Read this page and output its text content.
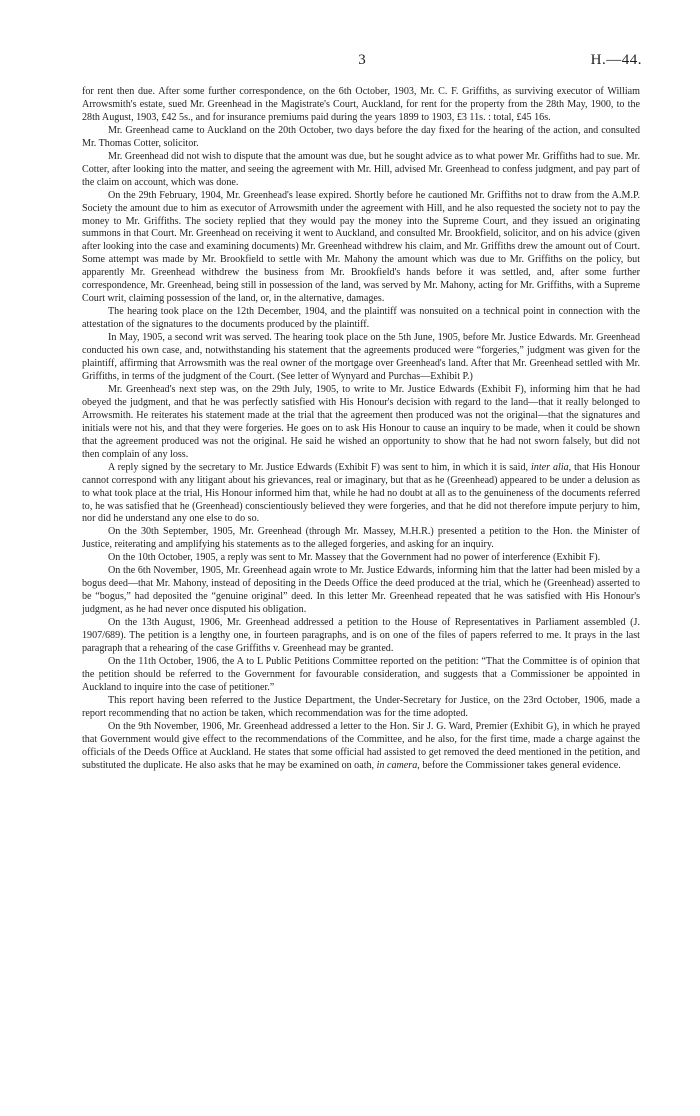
3	H.—44.

for rent then due. After some further correspondence, on the 6th October, 1903, Mr. C. F. Griffiths, as surviving executor of William Arrowsmith's estate, sued Mr. Greenhead in the Magistrate's Court, Auckland, for rent for the property from the 28th May, 1900, to the 28th August, 1903, £42 5s., and for insurance premiums paid during the years 1899 to 1903, £3 11s. : total, £45 16s.

Mr. Greenhead came to Auckland on the 20th October, two days before the day fixed for the hearing of the action, and consulted Mr. Thomas Cotter, solicitor.

Mr. Greenhead did not wish to dispute that the amount was due, but he sought advice as to what power Mr. Griffiths had to sue. Mr. Cotter, after looking into the matter, and seeing the agreement with Mr. Hill, advised Mr. Greenhead to confess judgment, and pay part of the claim on account, which was done.

On the 29th February, 1904, Mr. Greenhead's lease expired. Shortly before he cautioned Mr. Griffiths not to draw from the A.M.P. Society the amount due to him as executor of Arrowsmith under the agreement with Hill, and he also requested the society not to pay the money to Mr. Griffiths. The society replied that they would pay the money into the Supreme Court, and they issued an originating summons in that Court. Mr. Greenhead on receiving it went to Auckland, and consulted Mr. Brookfield, solicitor, and on his advice (given after looking into the case and examining documents) Mr. Greenhead withdrew his claim, and Mr. Griffiths drew the amount out of Court. Some attempt was made by Mr. Brookfield to settle with Mr. Mahony the amount which was due to Mr. Griffiths on the policy, but apparently Mr. Greenhead withdrew the business from Mr. Brookfield's hands before it was settled, and, after some further correspondence, Mr. Greenhead, being still in possession of the land, was served by Mr. Mahony, acting for Mr. Griffiths, with a Supreme Court writ, claiming possession of the land, or, in the alternative, damages.

The hearing took place on the 12th December, 1904, and the plaintiff was nonsuited on a technical point in connection with the attestation of the signatures to the documents produced by the plaintiff.

In May, 1905, a second writ was served. The hearing took place on the 5th June, 1905, before Mr. Justice Edwards. Mr. Greenhead conducted his own case, and, notwithstanding his statement that the agreements produced were “forgeries,” judgment was given for the plaintiff, affirming that Arrowsmith was the real owner of the mortgage over Greenhead's land. After that Mr. Greenhead settled with Mr. Griffiths, in terms of the judgment of the Court. (See letter of Wynyard and Purchas—Exhibit P.)

Mr. Greenhead's next step was, on the 29th July, 1905, to write to Mr. Justice Edwards (Exhibit F), informing him that he had obeyed the judgment, and that he was perfectly satisfied with His Honour's decision with regard to the land—that it really belonged to Arrowsmith. He reiterates his statement made at the trial that the agreement then produced was not the original—that the signatures and initials were not his, and that they were forgeries. He goes on to ask His Honour to cause an inquiry to be made, when it could be shown that the agreement produced was not the original. He said he wished an opportunity to show that he had not sworn falsely, but did not then complain of any loss.

A reply signed by the secretary to Mr. Justice Edwards (Exhibit F) was sent to him, in which it is said, inter alia, that His Honour cannot correspond with any litigant about his grievances, real or imaginary, but that as he (Greenhead) appeared to be under a delusion as to what took place at the trial, His Honour informed him that, while he had no doubt at all as to the genuineness of the documents referred to, he was satisfied that he (Greenhead) conscientiously believed they were forgeries, and that he did not therefore impute perjury to him, nor did he understand any one else to do so.

On the 30th September, 1905, Mr. Greenhead (through Mr. Massey, M.H.R.) presented a petition to the Hon. the Minister of Justice, reiterating and amplifying his statements as to the alleged forgeries, and asking for an inquiry.

On the 10th October, 1905, a reply was sent to Mr. Massey that the Government had no power of interference (Exhibit F).

On the 6th November, 1905, Mr. Greenhead again wrote to Mr. Justice Edwards, informing him that the latter had been misled by a bogus deed—that Mr. Mahony, instead of depositing in the Deeds Office the deed produced at the trial, which he (Greenhead) asserted to be “bogus,” had deposited the “genuine original” deed. In this letter Mr. Greenhead repeated that he was satisfied with His Honour's judgment, as he had never once disputed his obligation.

On the 13th August, 1906, Mr. Greenhead addressed a petition to the House of Representatives in Parliament assembled (J. 1907/689). The petition is a lengthy one, in fourteen paragraphs, and is on one of the files of papers referred to me. It prays in the last paragraph that a rehearing of the case Griffiths v. Greenhead may be granted.

On the 11th October, 1906, the A to L Public Petitions Committee reported on the petition: “That the Committee is of opinion that the petition should be referred to the Government for favourable consideration, and suggests that a Commissioner be appointed in Auckland to inquire into the case of petitioner.”

This report having been referred to the Justice Department, the Under-Secretary for Justice, on the 23rd October, 1906, made a report recommending that no action be taken, which recommendation was for the time adopted.

On the 9th November, 1906, Mr. Greenhead addressed a letter to the Hon. Sir J. G. Ward, Premier (Exhibit G), in which he prayed that Government would give effect to the recommendations of the Committee, and he also, for the first time, made a charge against the officials of the Deeds Office at Auckland. He states that some official had assisted to get removed the deed mentioned in the petition, and substituted the duplicate. He also asks that he may be examined on oath, in camera, before the Commissioner takes general evidence.
